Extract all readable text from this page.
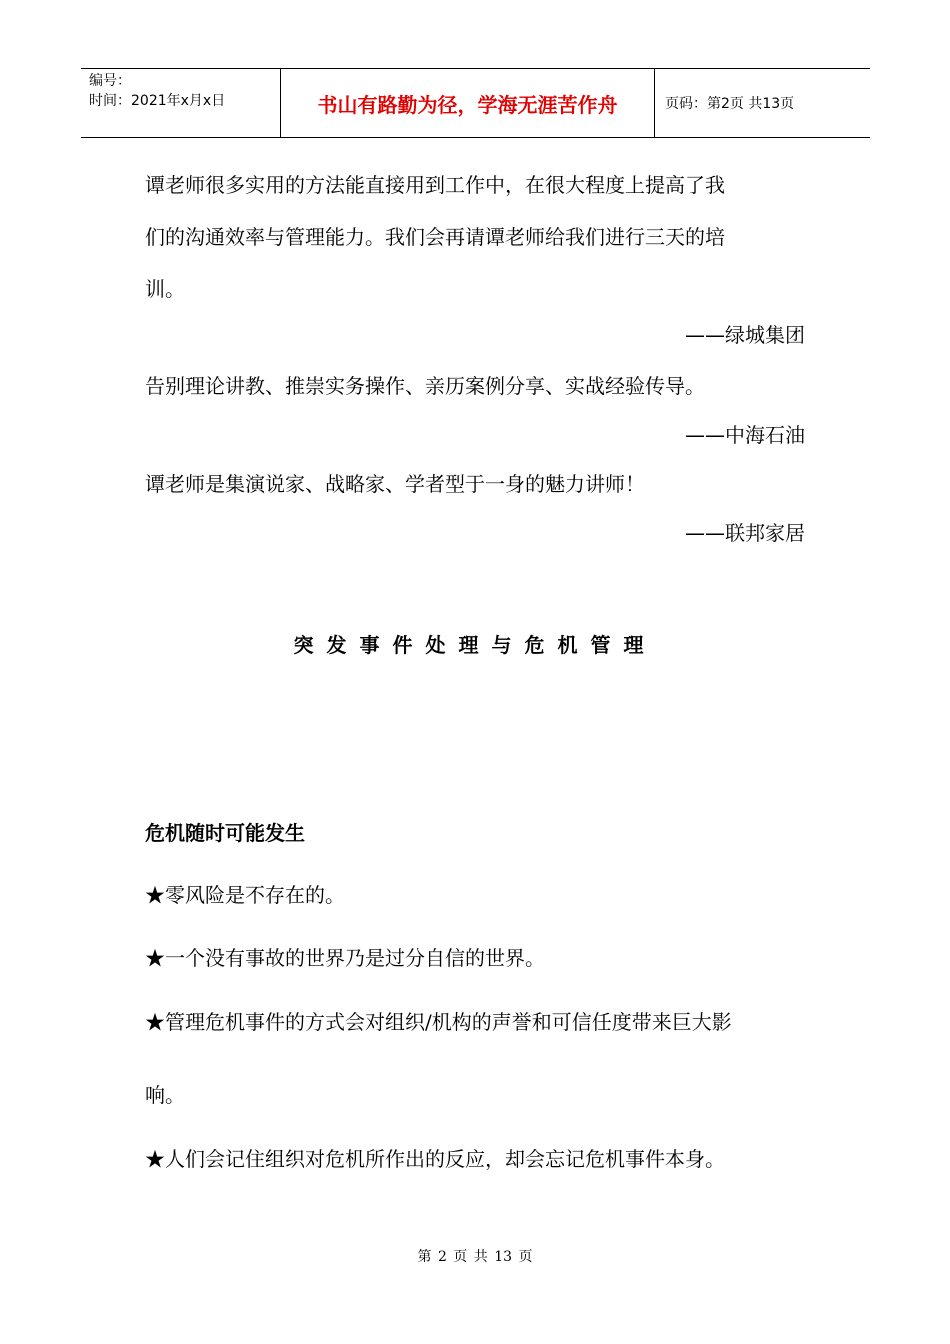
编号：
时间：2021年x月x日	书山有路勤为径，学海无涯苦作舟	页码：第2页 共13页
谭老师很多实用的方法能直接用到工作中，在很大程度上提高了我
们的沟通效率与管理能力。我们会再请谭老师给我们进行三天的培
训。
——绿城集团
告别理论讲教、推崇实务操作、亲历案例分享、实战经验传导。
——中海石油
谭老师是集演说家、战略家、学者型于一身的魅力讲师！
——联邦家居
突发事件处理与危机管理
危机随时可能发生
★零风险是不存在的。
★一个没有事故的世界乃是过分自信的世界。
★管理危机事件的方式会对组织/机构的声誉和可信任度带来巨大影
响。
★人们会记住组织对危机所作出的反应，却会忘记危机事件本身。
第 2 页 共 13 页
